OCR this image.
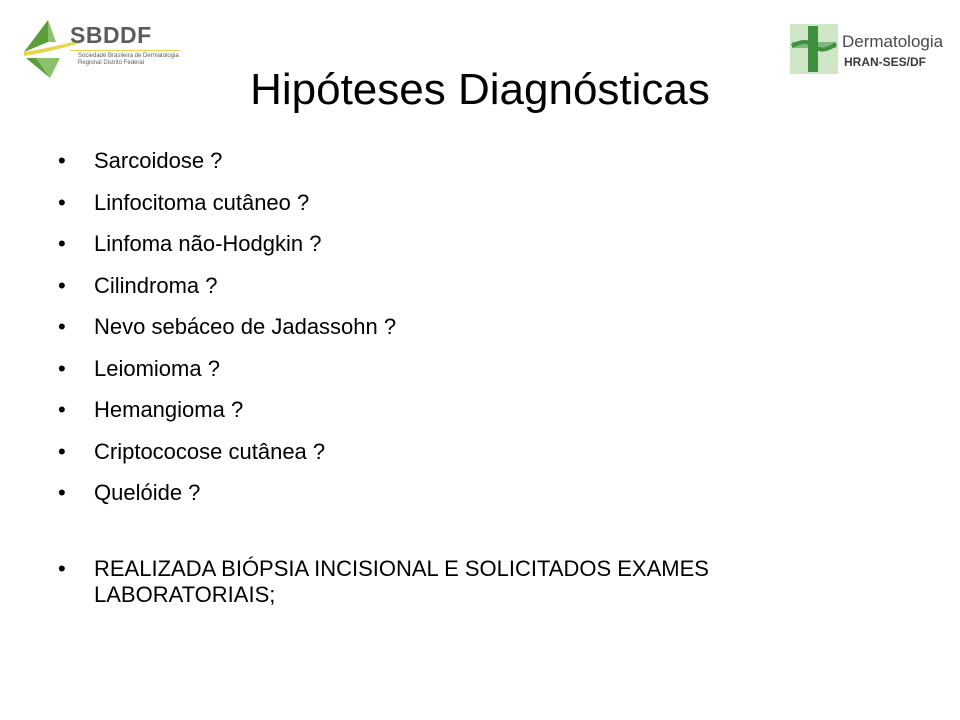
SBDDF
Sociedade Brasileira de Dermatologia
Regional Distrito Federal
Dermatologia
HRAN-SES/DF
Hipóteses Diagnósticas
• Sarcoidose ?
• Linfocitoma cutâneo ?
• Linfoma não-Hodgkin ?
• Cilindroma ?
• Nevo sebáceo de Jadassohn ?
• Leiomioma ?
• Hemangioma ?
• Criptococose cutânea ?
• Quelóide ?
• REALIZADA BIÓPSIA INCISIONAL E SOLICITADOS EXAMES LABORATORIAIS;
